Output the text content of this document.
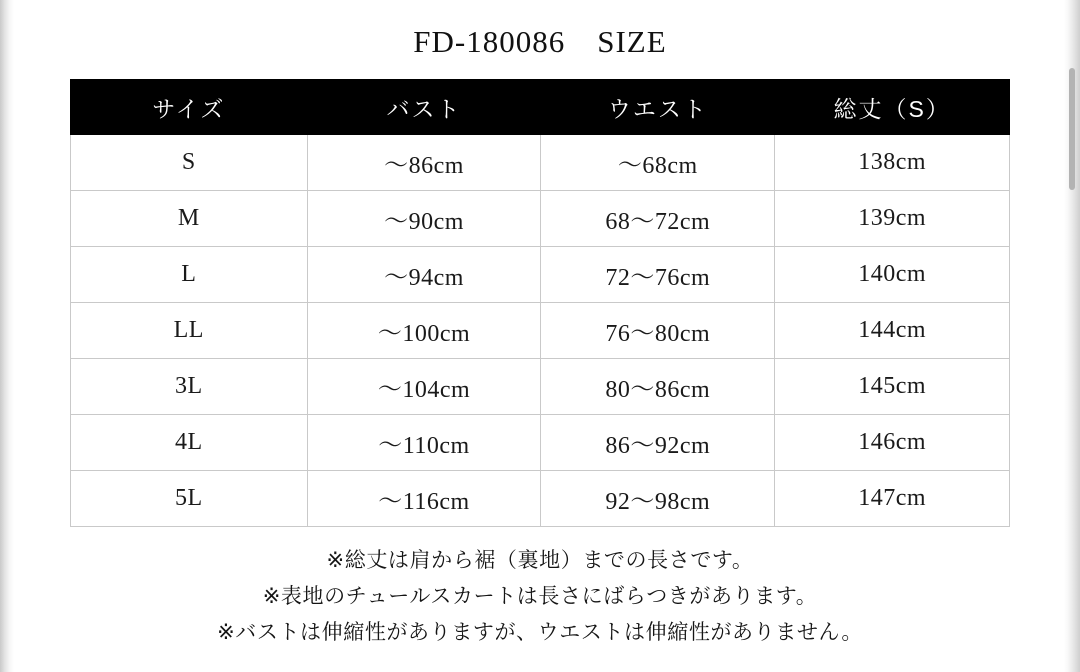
FD-180086　SIZE
サイズ	バスト	ウエスト	総丈（S）
S	〜86cm	〜68cm	138cm
M	〜90cm	68〜72cm	139cm
L	〜94cm	72〜76cm	140cm
LL	〜100cm	76〜80cm	144cm
3L	〜104cm	80〜86cm	145cm
4L	〜110cm	86〜92cm	146cm
5L	〜116cm	92〜98cm	147cm
※総丈は肩から裾（裏地）までの長さです。
※表地のチュールスカートは長さにばらつきがあります。
※バストは伸縮性がありますが、ウエストは伸縮性がありません。
